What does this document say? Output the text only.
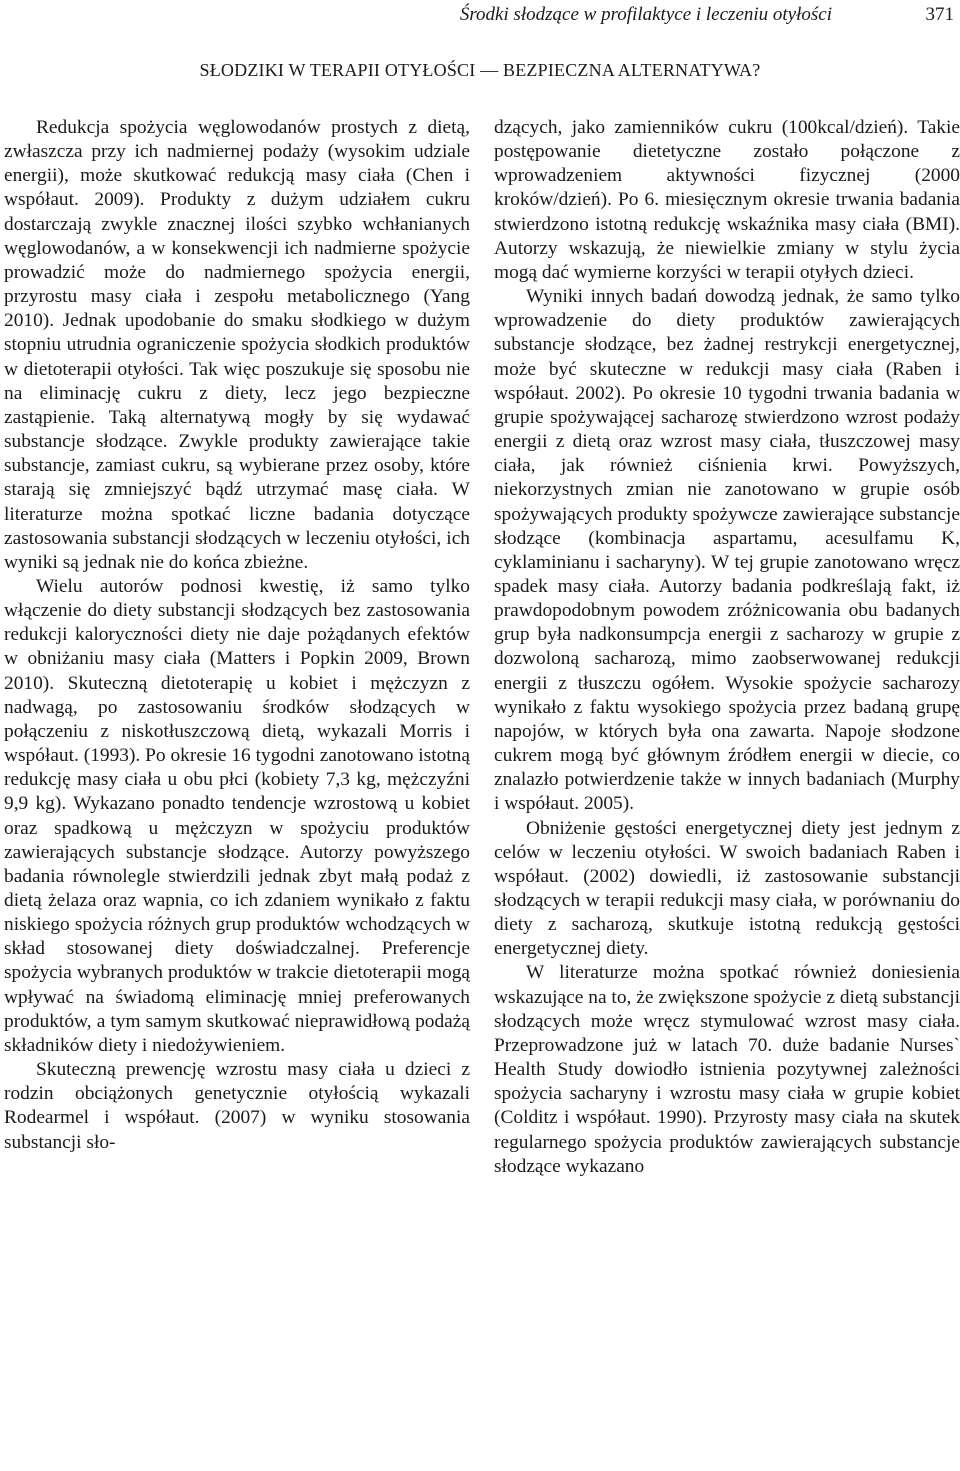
Środki słodzące w profilaktyce i leczeniu otyłości	371
SŁODZIKI W TERAPII OTYŁOŚCI — BEZPIECZNA ALTERNATYWA?

Redukcja spożycia węglowodanów prostych z dietą, zwłaszcza przy ich nadmiernej podaży (wysokim udziale energii), może skutkować redukcją masy ciała (Chen i współaut. 2009). Produkty z dużym udziałem cukru dostarczają zwykle znacznej ilości szybko wchłanianych węglowodanów, a w konsekwencji ich nadmierne spożycie prowadzić może do nadmiernego spożycia energii, przyrostu masy ciała i zespołu metabolicznego (Yang 2010). Jednak upodobanie do smaku słodkiego w dużym stopniu utrudnia ograniczenie spożycia słodkich produktów w dietoterapii otyłości. Tak więc poszukuje się sposobu nie na eliminację cukru z diety, lecz jego bezpieczne zastąpienie. Taką alternatywą mogły by się wydawać substancje słodzące. Zwykle produkty zawierające takie substancje, zamiast cukru, są wybierane przez osoby, które starają się zmniejszyć bądź utrzymać masę ciała. W literaturze można spotkać liczne badania dotyczące zastosowania substancji słodzących w leczeniu otyłości, ich wyniki są jednak nie do końca zbieżne.

Wielu autorów podnosi kwestię, iż samo tylko włączenie do diety substancji słodzących bez zastosowania redukcji kaloryczności diety nie daje pożądanych efektów w obniżaniu masy ciała (Matters i Popkin 2009, Brown 2010). Skuteczną dietoterapię u kobiet i mężczyzn z nadwagą, po zastosowaniu środków słodzących w połączeniu z niskotłuszczową dietą, wykazali Morris i współaut. (1993). Po okresie 16 tygodni zanotowano istotną redukcję masy ciała u obu płci (kobiety 7,3 kg, mężczyźni 9,9 kg). Wykazano ponadto tendencje wzrostową u kobiet oraz spadkową u mężczyzn w spożyciu produktów zawierających substancje słodzące. Autorzy powyższego badania równolegle stwierdzili jednak zbyt małą podaż z dietą żelaza oraz wapnia, co ich zdaniem wynikało z faktu niskiego spożycia różnych grup produktów wchodzących w skład stosowanej diety doświadczalnej. Preferencje spożycia wybranych produktów w trakcie dietoterapii mogą wpływać na świadomą eliminację mniej preferowanych produktów, a tym samym skutkować nieprawidłową podażą składników diety i niedożywieniem.

Skuteczną prewencję wzrostu masy ciała u dzieci z rodzin obciążonych genetycznie otyłością wykazali Rodearmel i współaut. (2007) w wyniku stosowania substancji sło-

dzących, jako zamienników cukru (100kcal/dzień). Takie postępowanie dietetyczne zostało połączone z wprowadzeniem aktywności fizycznej (2000 kroków/dzień). Po 6. miesięcznym okresie trwania badania stwierdzono istotną redukcję wskaźnika masy ciała (BMI). Autorzy wskazują, że niewielkie zmiany w stylu życia mogą dać wymierne korzyści w terapii otyłych dzieci.

Wyniki innych badań dowodzą jednak, że samo tylko wprowadzenie do diety produktów zawierających substancje słodzące, bez żadnej restrykcji energetycznej, może być skuteczne w redukcji masy ciała (Raben i współaut. 2002). Po okresie 10 tygodni trwania badania w grupie spożywającej sacharozę stwierdzono wzrost podaży energii z dietą oraz wzrost masy ciała, tłuszczowej masy ciała, jak również ciśnienia krwi. Powyższych, niekorzystnych zmian nie zanotowano w grupie osób spożywających produkty spożywcze zawierające substancje słodzące (kombinacja aspartamu, acesulfamu K, cyklaminianu i sacharyny). W tej grupie zanotowano wręcz spadek masy ciała. Autorzy badania podkreślają fakt, iż prawdopodobnym powodem zróżnicowania obu badanych grup była nadkonsumpcja energii z sacharozy w grupie z dozwoloną sacharozą, mimo zaobserwowanej redukcji energii z tłuszczu ogółem. Wysokie spożycie sacharozy wynikało z faktu wysokiego spożycia przez badaną grupę napojów, w których była ona zawarta. Napoje słodzone cukrem mogą być głównym źródłem energii w diecie, co znalazło potwierdzenie także w innych badaniach (Murphy i współaut. 2005).

Obniżenie gęstości energetycznej diety jest jednym z celów w leczeniu otyłości. W swoich badaniach Raben i współaut. (2002) dowiedli, iż zastosowanie substancji słodzących w terapii redukcji masy ciała, w porównaniu do diety z sacharozą, skutkuje istotną redukcją gęstości energetycznej diety.

W literaturze można spotkać również doniesienia wskazujące na to, że zwiększone spożycie z dietą substancji słodzących może wręcz stymulować wzrost masy ciała. Przeprowadzone już w latach 70. duże badanie Nurses` Health Study dowiodło istnienia pozytywnej zależności spożycia sacharyny i wzrostu masy ciała w grupie kobiet (Colditz i współaut. 1990). Przyrosty masy ciała na skutek regularnego spożycia produktów zawierających substancje słodzące wykazano
